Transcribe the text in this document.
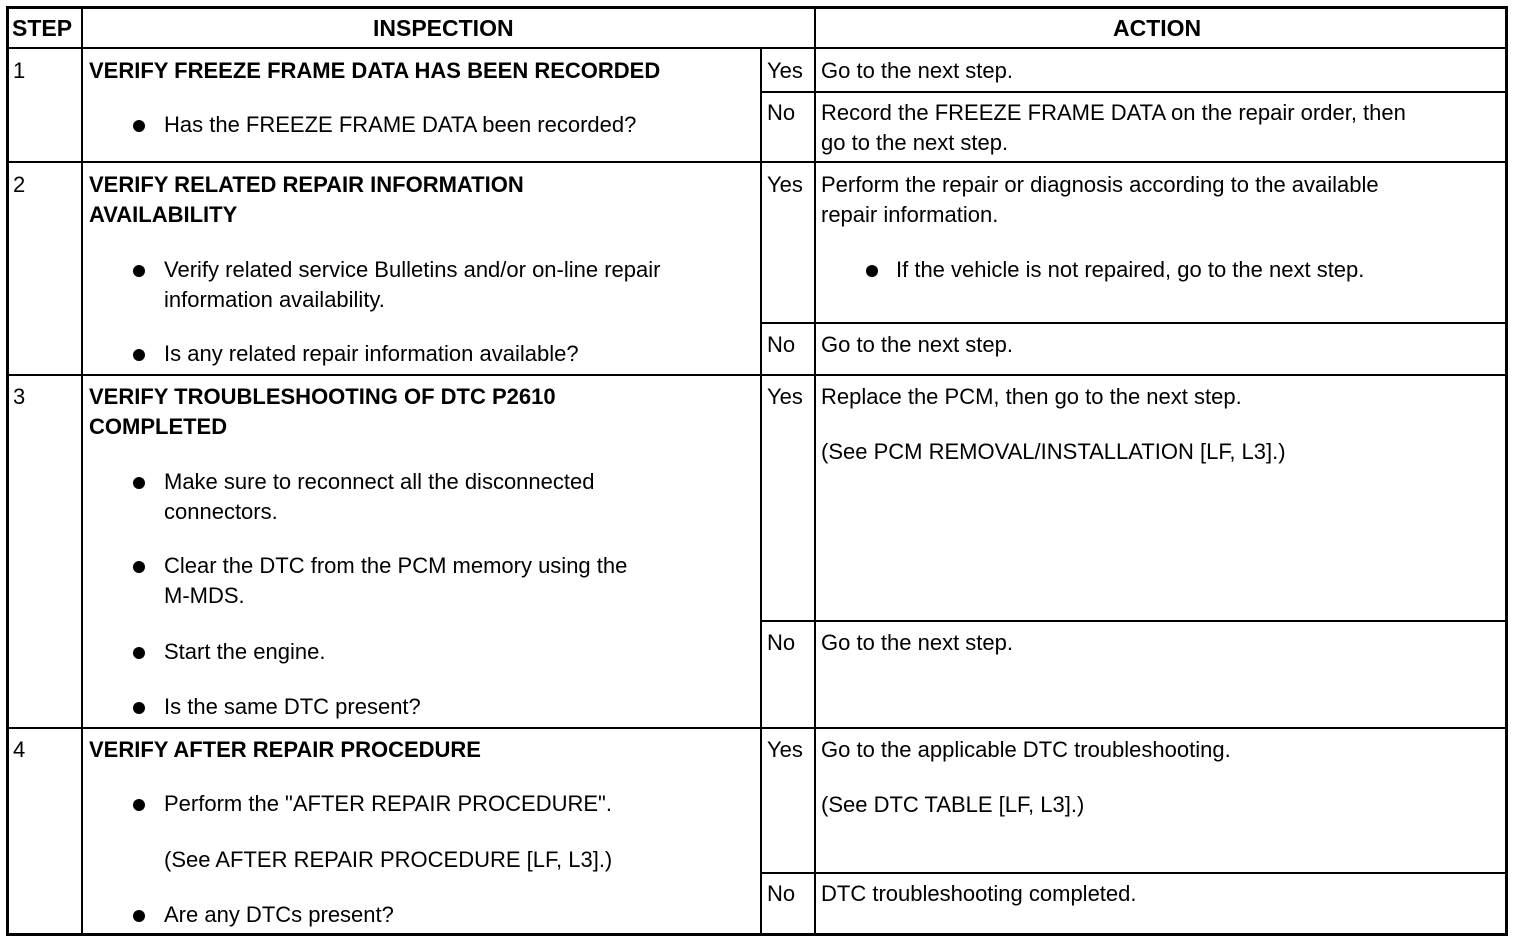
STEP	INSPECTION	ACTION
1	VERIFY FREEZE FRAME DATA HAS BEEN RECORDED
Has the FREEZE FRAME DATA been recorded?
Yes Go to the next step.
No Record the FREEZE FRAME DATA on the repair order, then
go to the next step.
2	VERIFY RELATED REPAIR INFORMATION
AVAILABILITY
Verify related service Bulletins and/or on-line repair
information availability.
Is any related repair information available?
Yes Perform the repair or diagnosis according to the available
repair information.
If the vehicle is not repaired, go to the next step.
No Go to the next step.
3	VERIFY TROUBLESHOOTING OF DTC P2610
COMPLETED
Make sure to reconnect all the disconnected
connectors.
Clear the DTC from the PCM memory using the
M-MDS.
Start the engine.
Is the same DTC present?
Yes Replace the PCM, then go to the next step.
(See PCM REMOVAL/INSTALLATION [LF, L3].)
No Go to the next step.
4	VERIFY AFTER REPAIR PROCEDURE
Perform the "AFTER REPAIR PROCEDURE".
(See AFTER REPAIR PROCEDURE [LF, L3].)
Are any DTCs present?
Yes Go to the applicable DTC troubleshooting.
(See DTC TABLE [LF, L3].)
No DTC troubleshooting completed.
